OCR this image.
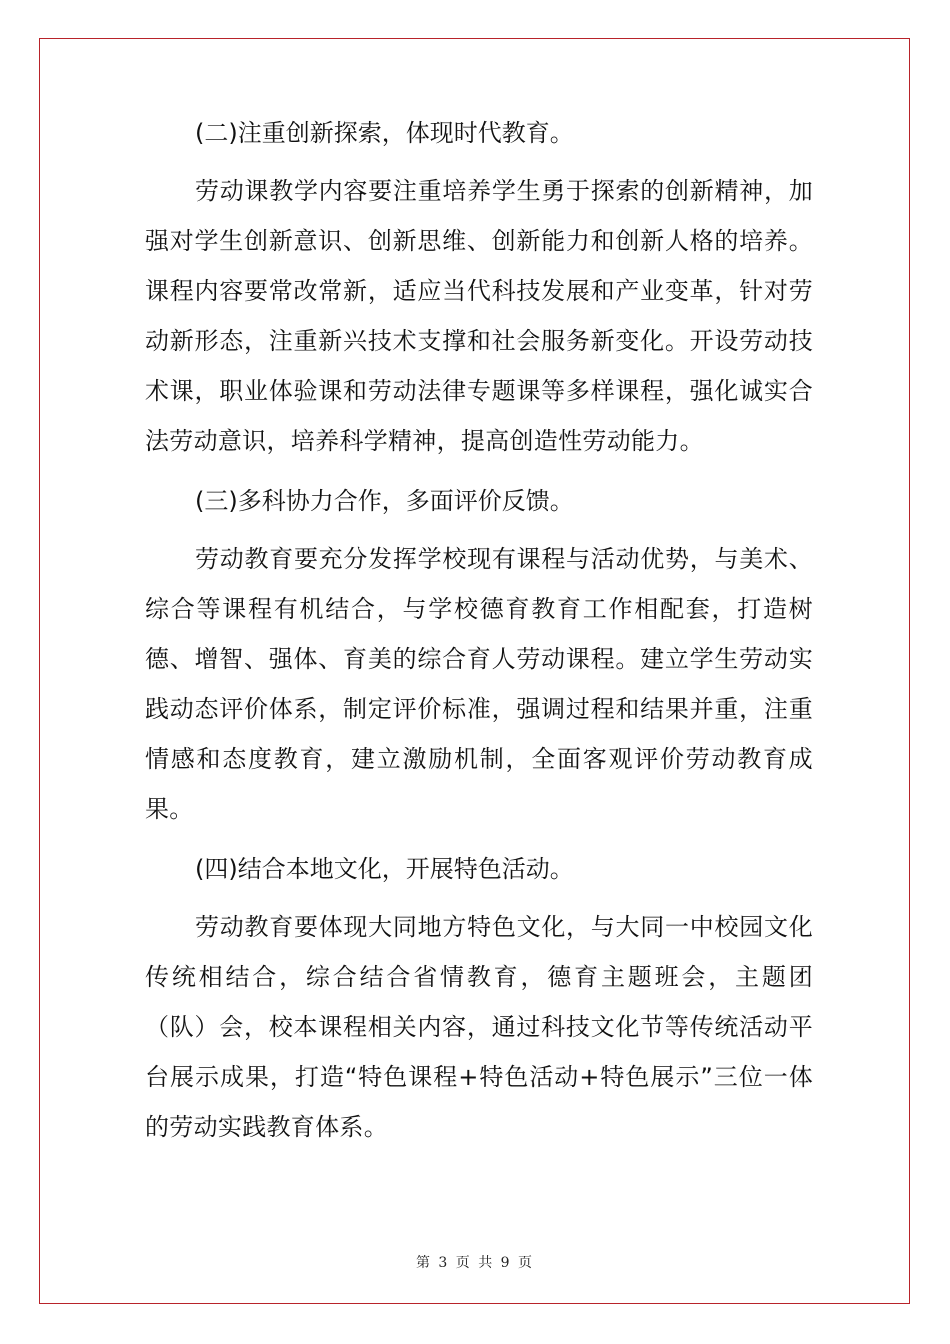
(二)注重创新探索，体现时代教育。

劳动课教学内容要注重培养学生勇于探索的创新精神，加强对学生创新意识、创新思维、创新能力和创新人格的培养。课程内容要常改常新，适应当代科技发展和产业变革，针对劳动新形态，注重新兴技术支撑和社会服务新变化。开设劳动技术课，职业体验课和劳动法律专题课等多样课程，强化诚实合法劳动意识，培养科学精神，提高创造性劳动能力。

(三)多科协力合作，多面评价反馈。

劳动教育要充分发挥学校现有课程与活动优势，与美术、综合等课程有机结合，与学校德育教育工作相配套，打造树德、增智、强体、育美的综合育人劳动课程。建立学生劳动实践动态评价体系，制定评价标准，强调过程和结果并重，注重情感和态度教育，建立激励机制，全面客观评价劳动教育成果。

(四)结合本地文化，开展特色活动。

劳动教育要体现大同地方特色文化，与大同一中校园文化传统相结合，综合结合省情教育，德育主题班会，主题团（队）会，校本课程相关内容，通过科技文化节等传统活动平台展示成果，打造“特色课程+特色活动+特色展示”三位一体的劳动实践教育体系。

第 3 页 共 9 页
